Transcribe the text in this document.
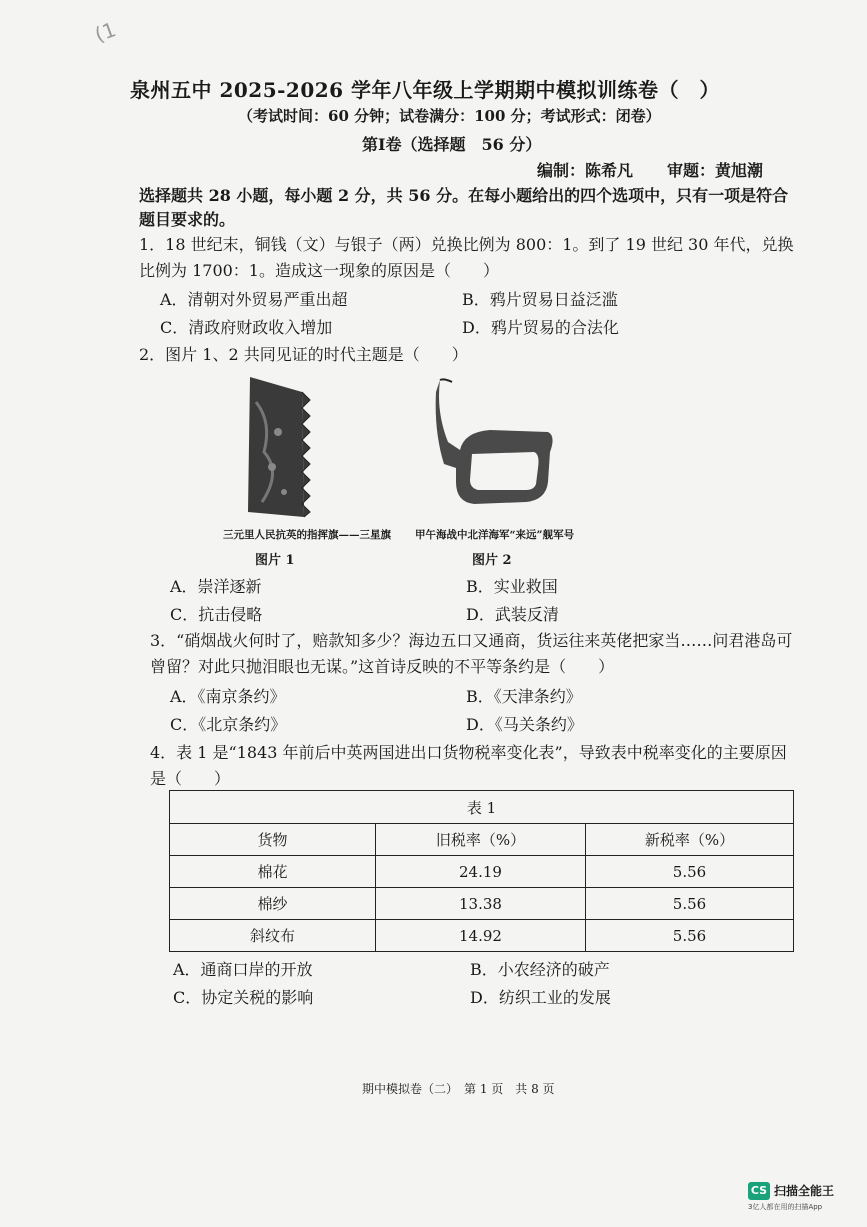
(1
泉州五中 2025-2026 学年八年级上学期期中模拟训练卷（　）
（考试时间：60 分钟；试卷满分：100 分；考试形式：闭卷）
第Ⅰ卷（选择题　56 分）
编制：陈希凡 审题：黄旭潮
选择题共 28 小题，每小题 2 分，共 56 分。在每小题给出的四个选项中，只有一项是符合题目要求的。
1．18 世纪末，铜钱（文）与银子（两）兑换比例为 800：1。到了 19 世纪 30 年代，兑换比例为 1700：1。造成这一现象的原因是（　　）
A．清朝对外贸易严重出超	B．鸦片贸易日益泛滥
C．清政府财政收入增加	D．鸦片贸易的合法化
2．图片 1、2 共同见证的时代主题是（　　）
三元里人民抗英的指挥旗——三星旗
图片 1
甲午海战中北洋海军“来远”舰军号
图片 2
A．崇洋逐新	B．实业救国
C．抗击侵略	D．武装反清
3．“硝烟战火何时了，赔款知多少？海边五口又通商，货运往来英佬把家当……问君港岛可曾留？对此只抛泪眼也无谋。”这首诗反映的不平等条约是（　　）
A．《南京条约》	B．《天津条约》
C．《北京条约》	D．《马关条约》
4．表 1 是“1843 年前后中英两国进出口货物税率变化表”，导致表中税率变化的主要原因是（　　）
表 1		
货物	旧税率（%）	新税率（%）
棉花	24.19	5.56
棉纱	13.38	5.56
斜纹布	14.92	5.56
A．通商口岸的开放	B．小农经济的破产
C．协定关税的影响	D．纺织工业的发展
期中模拟卷（二）　第 1 页　共 8 页
CS 扫描全能王
3亿人都在用的扫描App
